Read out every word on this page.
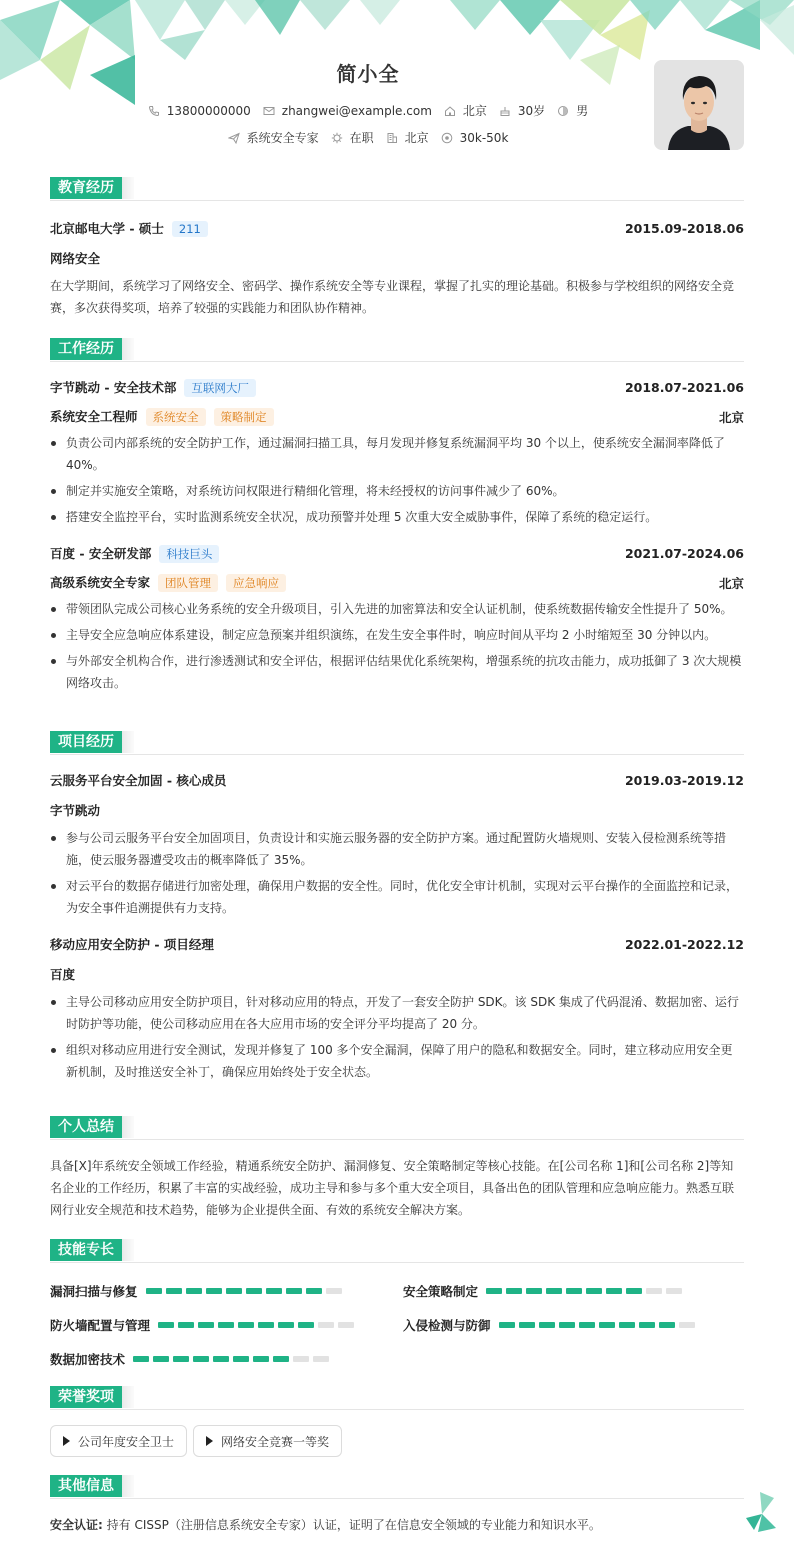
简小全
13800000000	zhangwei@example.com	北京	30岁	男
系统安全专家	在职	北京	30k-50k
教育经历
北京邮电大学 - 硕士 211	2015.09-2018.06
网络安全
在大学期间，系统学习了网络安全、密码学、操作系统安全等专业课程，掌握了扎实的理论基础。积极参与学校组织的网络安全竞赛，多次获得奖项，培养了较强的实践能力和团队协作精神。
工作经历
字节跳动 - 安全技术部 互联网大厂	2018.07-2021.06
系统安全工程师 系统安全 策略制定	北京
负责公司内部系统的安全防护工作，通过漏洞扫描工具，每月发现并修复系统漏洞平均 30 个以上，使系统安全漏洞率降低了 40%。
制定并实施安全策略，对系统访问权限进行精细化管理，将未经授权的访问事件减少了 60%。
搭建安全监控平台，实时监测系统安全状况，成功预警并处理 5 次重大安全威胁事件，保障了系统的稳定运行。
百度 - 安全研发部 科技巨头	2021.07-2024.06
高级系统安全专家 团队管理 应急响应	北京
带领团队完成公司核心业务系统的安全升级项目，引入先进的加密算法和安全认证机制，使系统数据传输安全性提升了 50%。
主导安全应急响应体系建设，制定应急预案并组织演练，在发生安全事件时，响应时间从平均 2 小时缩短至 30 分钟以内。
与外部安全机构合作，进行渗透测试和安全评估，根据评估结果优化系统架构，增强系统的抗攻击能力，成功抵御了 3 次大规模网络攻击。
项目经历
云服务平台安全加固 - 核心成员	2019.03-2019.12
字节跳动
参与公司云服务平台安全加固项目，负责设计和实施云服务器的安全防护方案。通过配置防火墙规则、安装入侵检测系统等措施，使云服务器遭受攻击的概率降低了 35%。
对云平台的数据存储进行加密处理，确保用户数据的安全性。同时，优化安全审计机制，实现对云平台操作的全面监控和记录，为安全事件追溯提供有力支持。
移动应用安全防护 - 项目经理	2022.01-2022.12
百度
主导公司移动应用安全防护项目，针对移动应用的特点，开发了一套安全防护 SDK。该 SDK 集成了代码混淆、数据加密、运行时防护等功能，使公司移动应用在各大应用市场的安全评分平均提高了 20 分。
组织对移动应用进行安全测试，发现并修复了 100 多个安全漏洞，保障了用户的隐私和数据安全。同时，建立移动应用安全更新机制，及时推送安全补丁，确保应用始终处于安全状态。
个人总结
具备[X]年系统安全领域工作经验，精通系统安全防护、漏洞修复、安全策略制定等核心技能。在[公司名称 1]和[公司名称 2]等知名企业的工作经历，积累了丰富的实战经验，成功主导和参与多个重大安全项目，具备出色的团队管理和应急响应能力。熟悉互联网行业安全规范和技术趋势，能够为企业提供全面、有效的系统安全解决方案。
技能专长
漏洞扫描与修复	安全策略制定
防火墙配置与管理	入侵检测与防御
数据加密技术
荣誉奖项
公司年度安全卫士	网络安全竞赛一等奖
其他信息
安全认证: 持有 CISSP（注册信息系统安全专家）认证，证明了在信息安全领域的专业能力和知识水平。
